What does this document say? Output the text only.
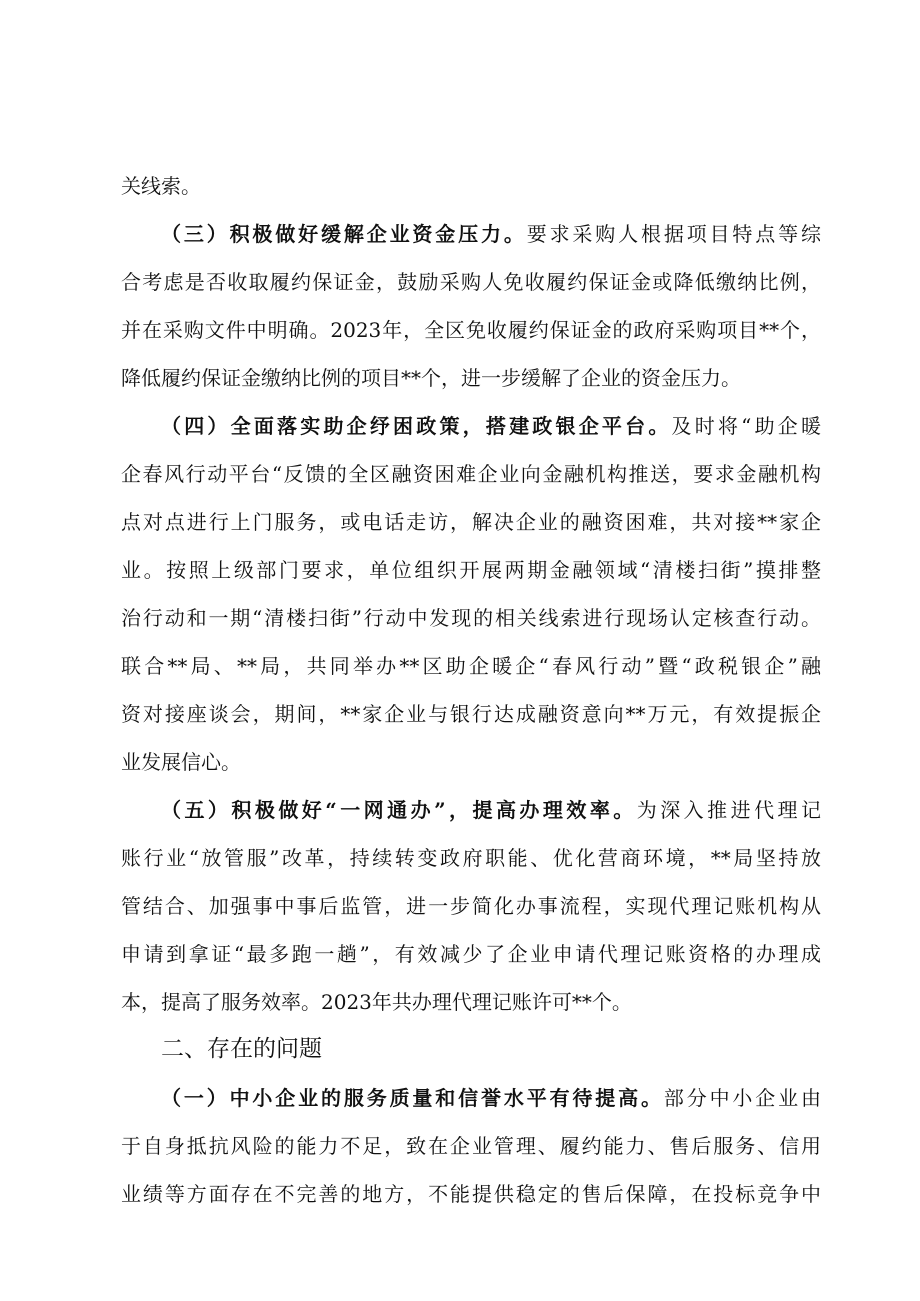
关线索。
（三）积极做好缓解企业资金压力。要求采购人根据项目特点等综
合考虑是否收取履约保证金，鼓励采购人免收履约保证金或降低缴纳比例，
并在采购文件中明确。2023年，全区免收履约保证金的政府采购项目**个，
降低履约保证金缴纳比例的项目**个，进一步缓解了企业的资金压力。
（四）全面落实助企纾困政策，搭建政银企平台。及时将“助企暖
企春风行动平台“反馈的全区融资困难企业向金融机构推送，要求金融机构
点对点进行上门服务，或电话走访，解决企业的融资困难，共对接**家企
业。按照上级部门要求，单位组织开展两期金融领域“清楼扫街”摸排整
治行动和一期“清楼扫街”行动中发现的相关线索进行现场认定核查行动。
联合**局、**局，共同举办**区助企暖企“春风行动”暨“政税银企”融
资对接座谈会，期间，**家企业与银行达成融资意向**万元，有效提振企
业发展信心。
（五）积极做好“一网通办”，提高办理效率。为深入推进代理记
账行业“放管服”改革，持续转变政府职能、优化营商环境，**局坚持放
管结合、加强事中事后监管，进一步简化办事流程，实现代理记账机构从
申请到拿证“最多跑一趟”，有效减少了企业申请代理记账资格的办理成
本，提高了服务效率。2023年共办理代理记账许可**个。
二、存在的问题
（一）中小企业的服务质量和信誉水平有待提高。部分中小企业由
于自身抵抗风险的能力不足，致在企业管理、履约能力、售后服务、信用
业绩等方面存在不完善的地方，不能提供稳定的售后保障，在投标竞争中
